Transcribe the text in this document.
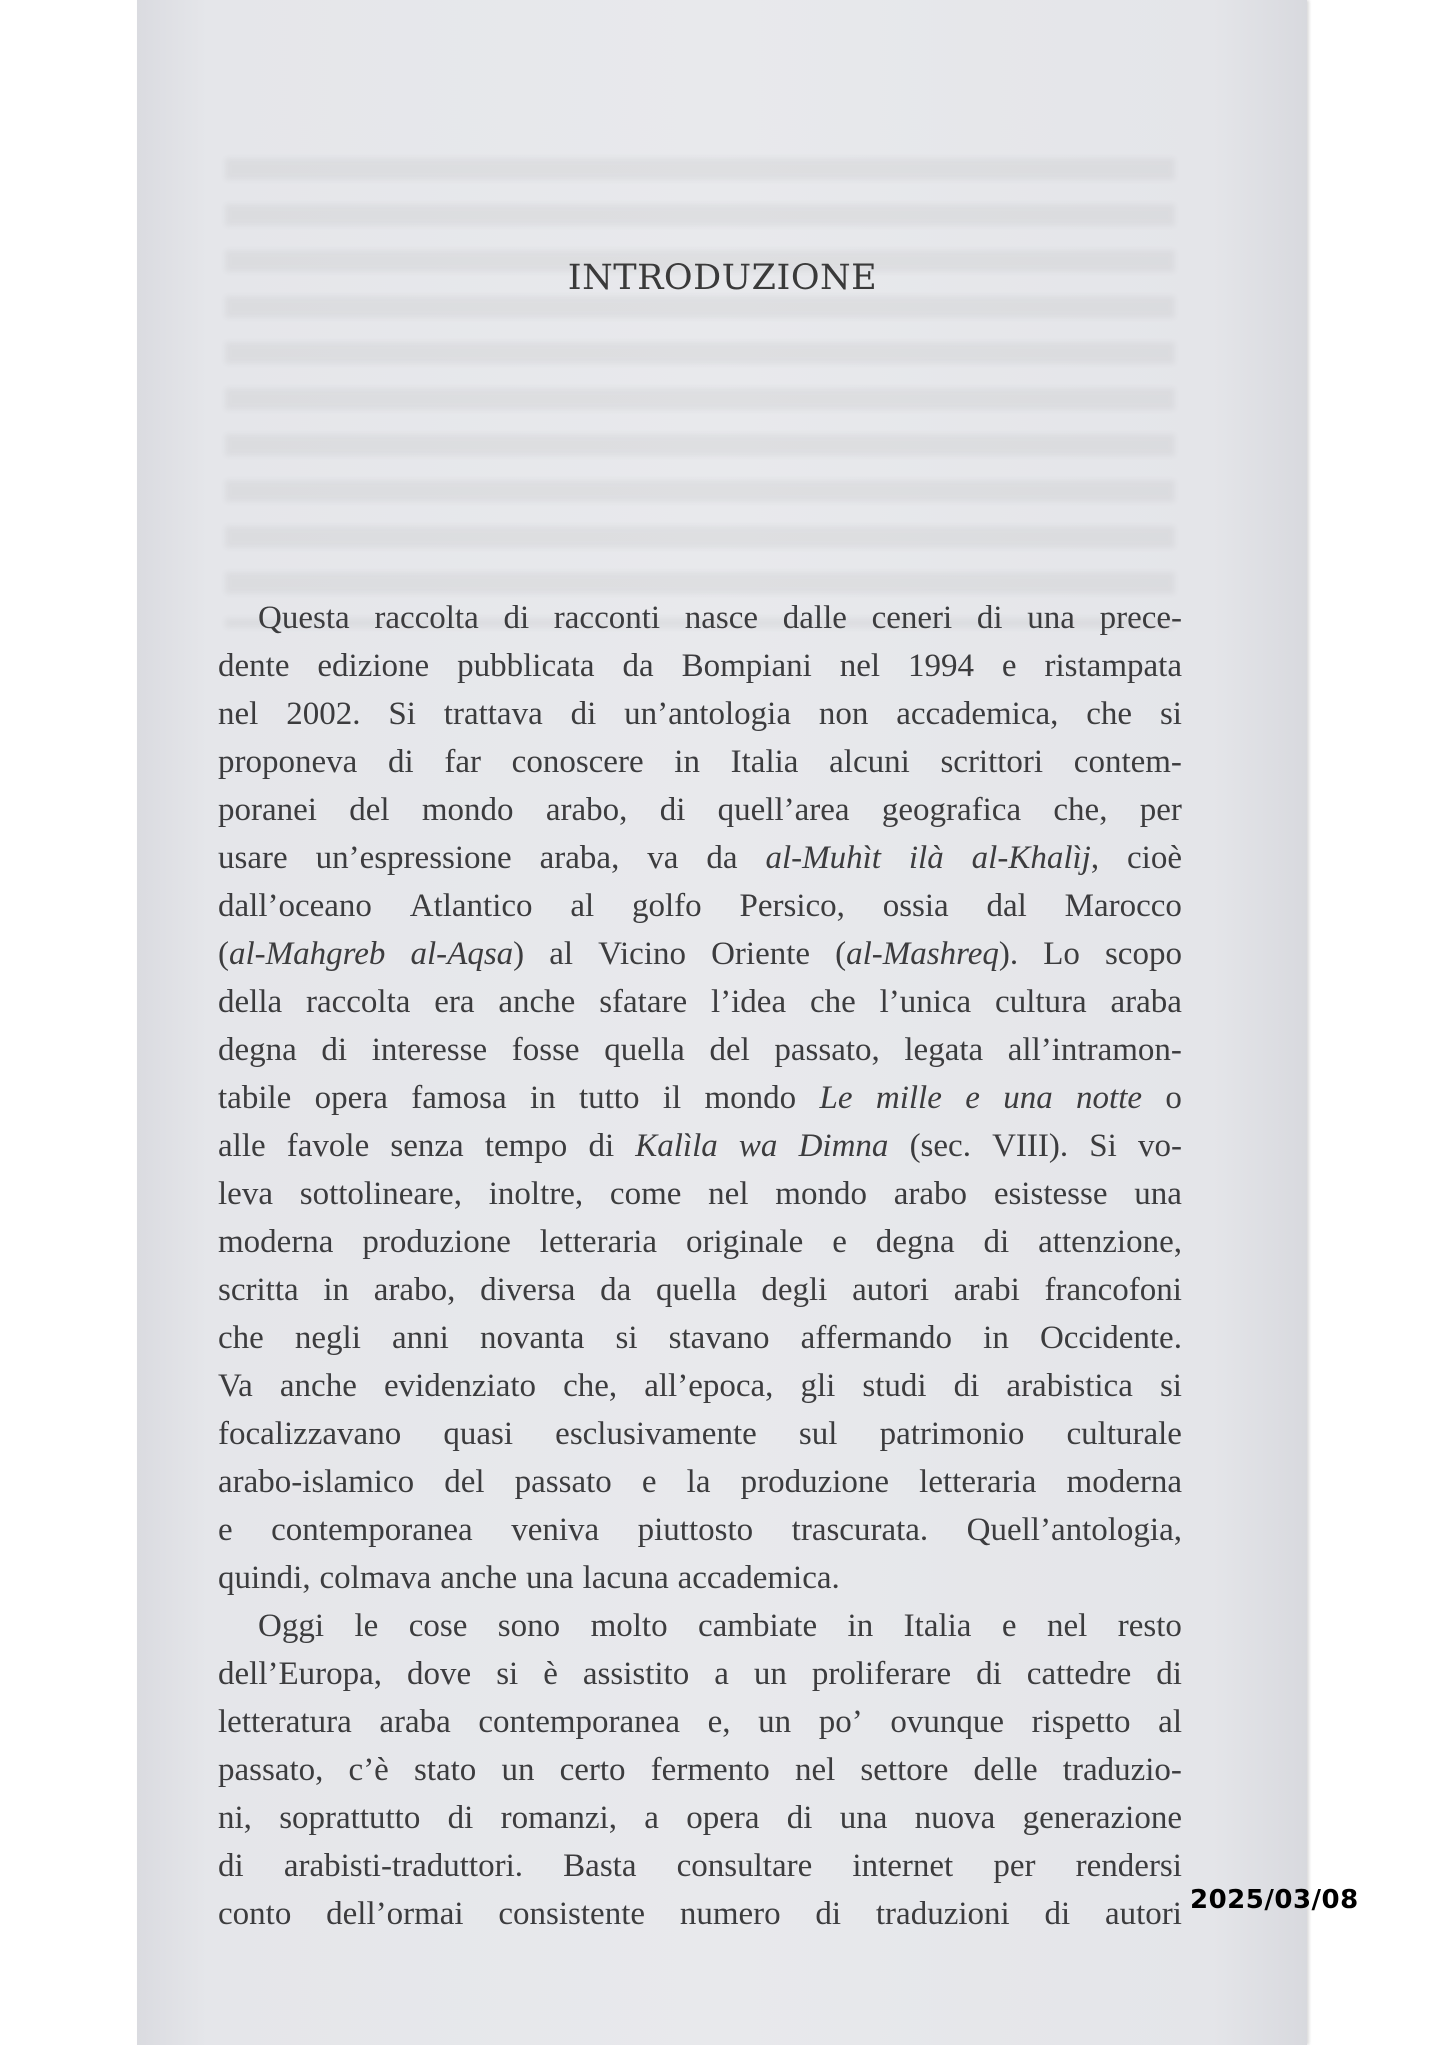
INTRODUZIONE
Questa raccolta di racconti nasce dalle ceneri di una prece-
dente edizione pubblicata da Bompiani nel 1994 e ristampata
nel 2002. Si trattava di un’antologia non accademica, che si
proponeva di far conoscere in Italia alcuni scrittori contem-
poranei del mondo arabo, di quell’area geografica che, per
usare un’espressione araba, va da al-Muhìt ilà al-Khalìj, cioè
dall’oceano Atlantico al golfo Persico, ossia dal Marocco
(al-Mahgreb al-Aqsa) al Vicino Oriente (al-Mashreq). Lo scopo
della raccolta era anche sfatare l’idea che l’unica cultura araba
degna di interesse fosse quella del passato, legata all’intramon-
tabile opera famosa in tutto il mondo Le mille e una notte o
alle favole senza tempo di Kalìla wa Dimna (sec. VIII). Si vo-
leva sottolineare, inoltre, come nel mondo arabo esistesse una
moderna produzione letteraria originale e degna di attenzione,
scritta in arabo, diversa da quella degli autori arabi francofoni
che negli anni novanta si stavano affermando in Occidente.
Va anche evidenziato che, all’epoca, gli studi di arabistica si
focalizzavano quasi esclusivamente sul patrimonio culturale
arabo-islamico del passato e la produzione letteraria moderna
e contemporanea veniva piuttosto trascurata. Quell’antologia,
quindi, colmava anche una lacuna accademica.
Oggi le cose sono molto cambiate in Italia e nel resto
dell’Europa, dove si è assistito a un proliferare di cattedre di
letteratura araba contemporanea e, un po’ ovunque rispetto al
passato, c’è stato un certo fermento nel settore delle traduzio-
ni, soprattutto di romanzi, a opera di una nuova generazione
di arabisti-traduttori. Basta consultare internet per rendersi
conto dell’ormai consistente numero di traduzioni di autori 2025/03/08
